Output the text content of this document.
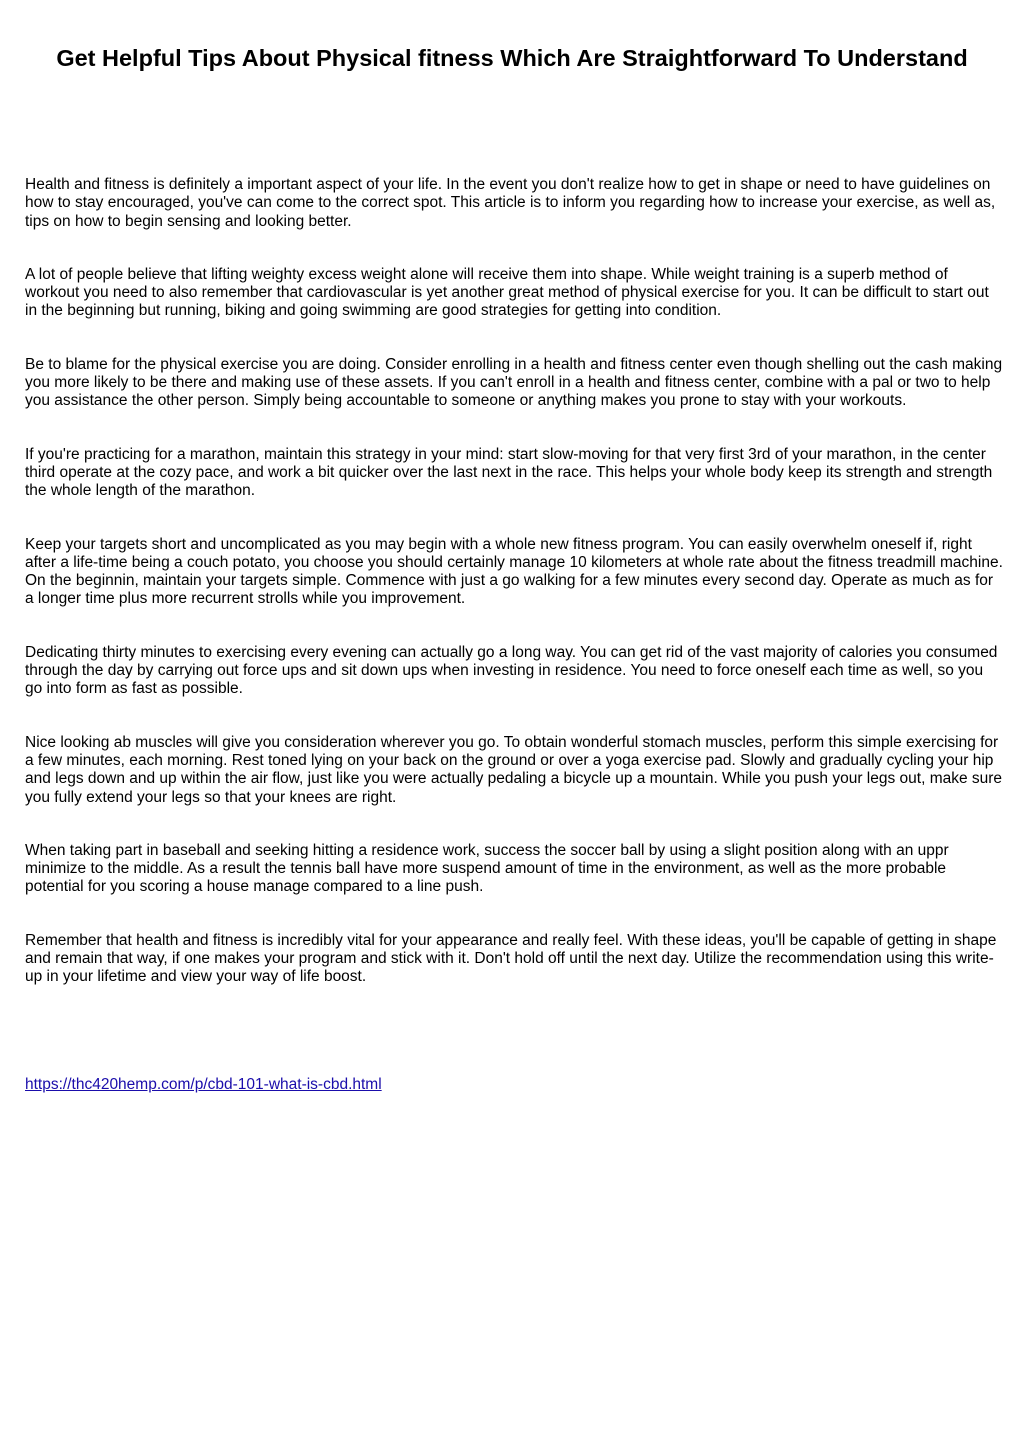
Get Helpful Tips About Physical fitness Which Are Straightforward To Understand

Health and fitness is definitely a important aspect of your life. In the event you don't realize how to get in shape or need to have guidelines on how to stay encouraged, you've can come to the correct spot. This article is to inform you regarding how to increase your exercise, as well as, tips on how to begin sensing and looking better.

A lot of people believe that lifting weighty excess weight alone will receive them into shape. While weight training is a superb method of workout you need to also remember that cardiovascular is yet another great method of physical exercise for you. It can be difficult to start out in the beginning but running, biking and going swimming are good strategies for getting into condition.

Be to blame for the physical exercise you are doing. Consider enrolling in a health and fitness center even though shelling out the cash making you more likely to be there and making use of these assets. If you can't enroll in a health and fitness center, combine with a pal or two to help you assistance the other person. Simply being accountable to someone or anything makes you prone to stay with your workouts.

If you're practicing for a marathon, maintain this strategy in your mind: start slow-moving for that very first 3rd of your marathon, in the center third operate at the cozy pace, and work a bit quicker over the last next in the race. This helps your whole body keep its strength and strength the whole length of the marathon.

Keep your targets short and uncomplicated as you may begin with a whole new fitness program. You can easily overwhelm oneself if, right after a life-time being a couch potato, you choose you should certainly manage 10 kilometers at whole rate about the fitness treadmill machine. On the beginnin, maintain your targets simple. Commence with just a go walking for a few minutes every second day. Operate as much as for a longer time plus more recurrent strolls while you improvement.

Dedicating thirty minutes to exercising every evening can actually go a long way. You can get rid of the vast majority of calories you consumed through the day by carrying out force ups and sit down ups when investing in residence. You need to force oneself each time as well, so you go into form as fast as possible.

Nice looking ab muscles will give you consideration wherever you go. To obtain wonderful stomach muscles, perform this simple exercising for a few minutes, each morning. Rest toned lying on your back on the ground or over a yoga exercise pad. Slowly and gradually cycling your hip and legs down and up within the air flow, just like you were actually pedaling a bicycle up a mountain. While you push your legs out, make sure you fully extend your legs so that your knees are right.

When taking part in baseball and seeking hitting a residence work, success the soccer ball by using a slight position along with an uppr minimize to the middle. As a result the tennis ball have more suspend amount of time in the environment, as well as the more probable potential for you scoring a house manage compared to a line push.

Remember that health and fitness is incredibly vital for your appearance and really feel. With these ideas, you'll be capable of getting in shape and remain that way, if one makes your program and stick with it. Don't hold off until the next day. Utilize the recommendation using this write-up in your lifetime and view your way of life boost.

https://thc420hemp.com/p/cbd-101-what-is-cbd.html
